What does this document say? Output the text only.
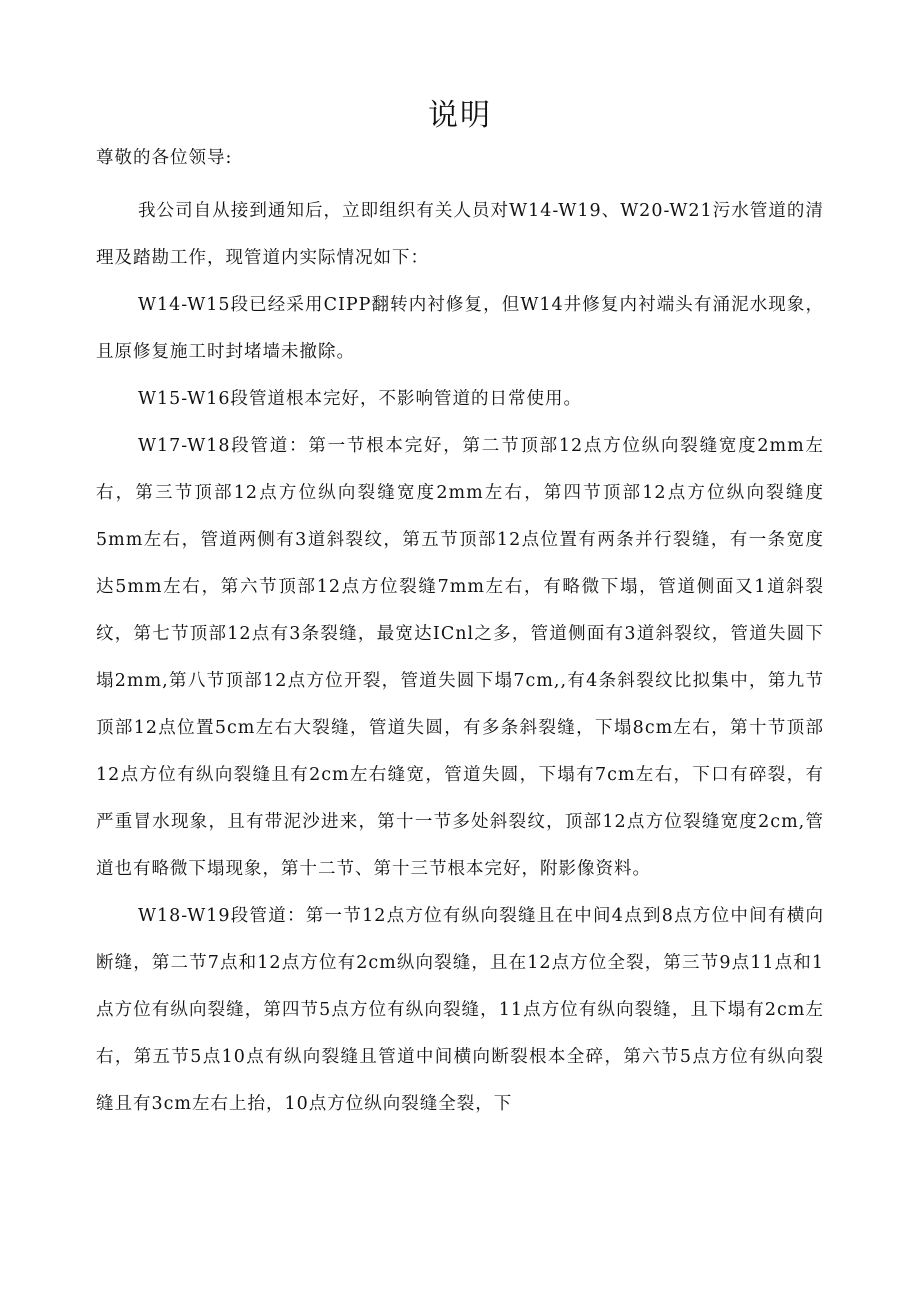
说明

尊敬的各位领导:

我公司自从接到通知后，立即组织有关人员对W14-W19、W20-W21污水管道的清理及踏勘工作，现管道内实际情况如下：

W14-W15段已经采用CIPP翻转内衬修复，但W14井修复内衬端头有涌泥水现象，且原修复施工时封堵墙未撤除。

W15-W16段管道根本完好，不影响管道的日常使用。

W17-W18段管道：第一节根本完好，第二节顶部12点方位纵向裂缝宽度2mm左右，第三节顶部12点方位纵向裂缝宽度2mm左右，第四节顶部12点方位纵向裂缝度5mm左右，管道两侧有3道斜裂纹，第五节顶部12点位置有两条并行裂缝，有一条宽度达5mm左右，第六节顶部12点方位裂缝7mm左右，有略微下塌，管道侧面又1道斜裂纹，第七节顶部12点有3条裂缝，最宽达ICnl之多，管道侧面有3道斜裂纹，管道失圆下塌2mm,第八节顶部12点方位开裂，管道失圆下塌7cm,,有4条斜裂纹比拟集中，第九节顶部12点位置5cm左右大裂缝，管道失圆，有多条斜裂缝，下塌8cm左右，第十节顶部12点方位有纵向裂缝且有2cm左右缝宽，管道失圆，下塌有7cm左右，下口有碎裂，有严重冒水现象，且有带泥沙进来，第十一节多处斜裂纹，顶部12点方位裂缝宽度2cm,管道也有略微下塌现象，第十二节、第十三节根本完好，附影像资料。

W18-W19段管道：第一节12点方位有纵向裂缝且在中间4点到8点方位中间有横向断缝，第二节7点和12点方位有2cm纵向裂缝，且在12点方位全裂，第三节9点11点和1点方位有纵向裂缝，第四节5点方位有纵向裂缝，11点方位有纵向裂缝，且下塌有2cm左右，第五节5点10点有纵向裂缝且管道中间横向断裂根本全碎，第六节5点方位有纵向裂缝且有3cm左右上抬，10点方位纵向裂缝全裂，下
